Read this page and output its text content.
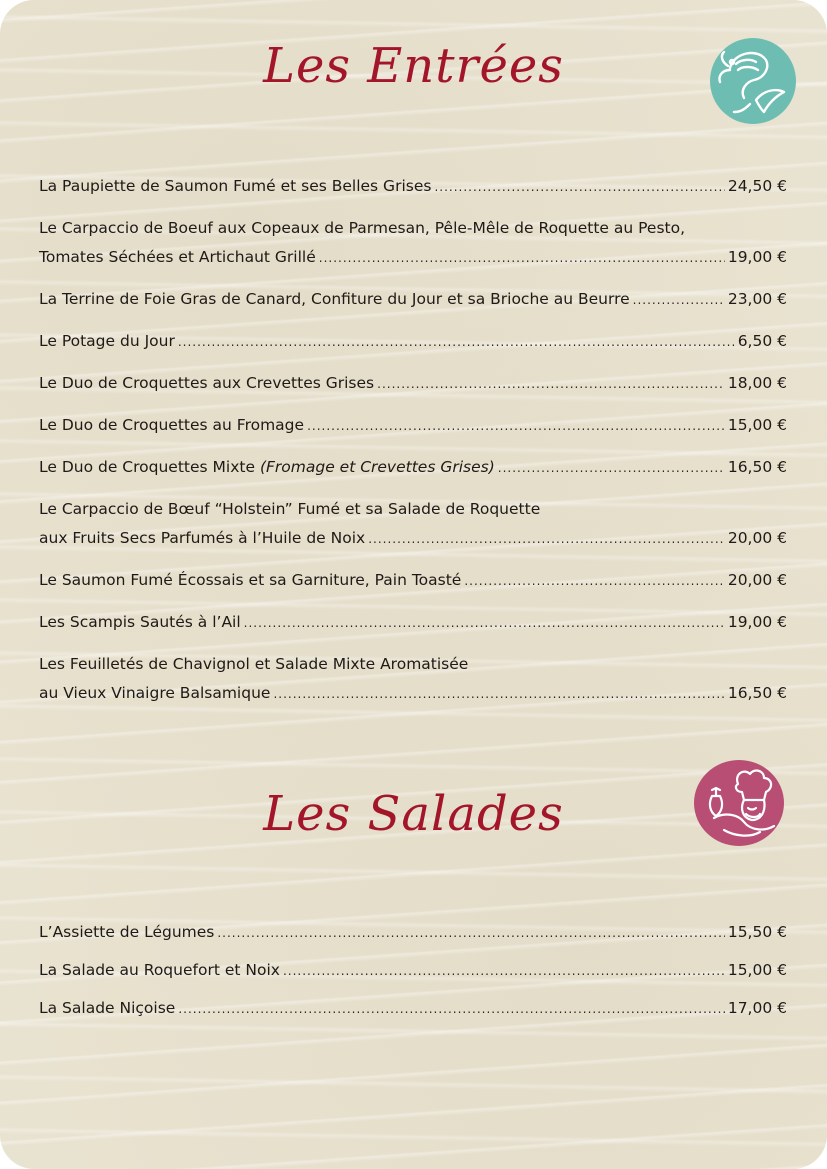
Les Entrées
La Paupiette de Saumon Fumé et ses Belles Grises .....	24,50 €
Le Carpaccio de Boeuf aux Copeaux de Parmesan, Pêle-Mêle de Roquette au Pesto,
Tomates Séchées et Artichaut Grillé .....	19,00 €
La Terrine de Foie Gras de Canard, Confiture du Jour et sa Brioche au Beurre .....	23,00 €
Le Potage du Jour .....	6,50 €
Le Duo de Croquettes aux Crevettes Grises .....	18,00 €
Le Duo de Croquettes au Fromage .....	15,00 €
Le Duo de Croquettes Mixte (Fromage et Crevettes Grises) .....	16,50 €
Le Carpaccio de Bœuf “Holstein” Fumé et sa Salade de Roquette
aux Fruits Secs Parfumés à l’Huile de Noix .....	20,00 €
Le Saumon Fumé Écossais et sa Garniture, Pain Toasté .....	20,00 €
Les Scampis Sautés à l’Ail .....	19,00 €
Les Feuilletés de Chavignol et Salade Mixte Aromatisée
au Vieux Vinaigre Balsamique .....	16,50 €
Les Salades
L’Assiette de Légumes .....	15,50 €
La Salade au Roquefort et Noix .....	15,00 €
La Salade Niçoise .....	17,00 €
